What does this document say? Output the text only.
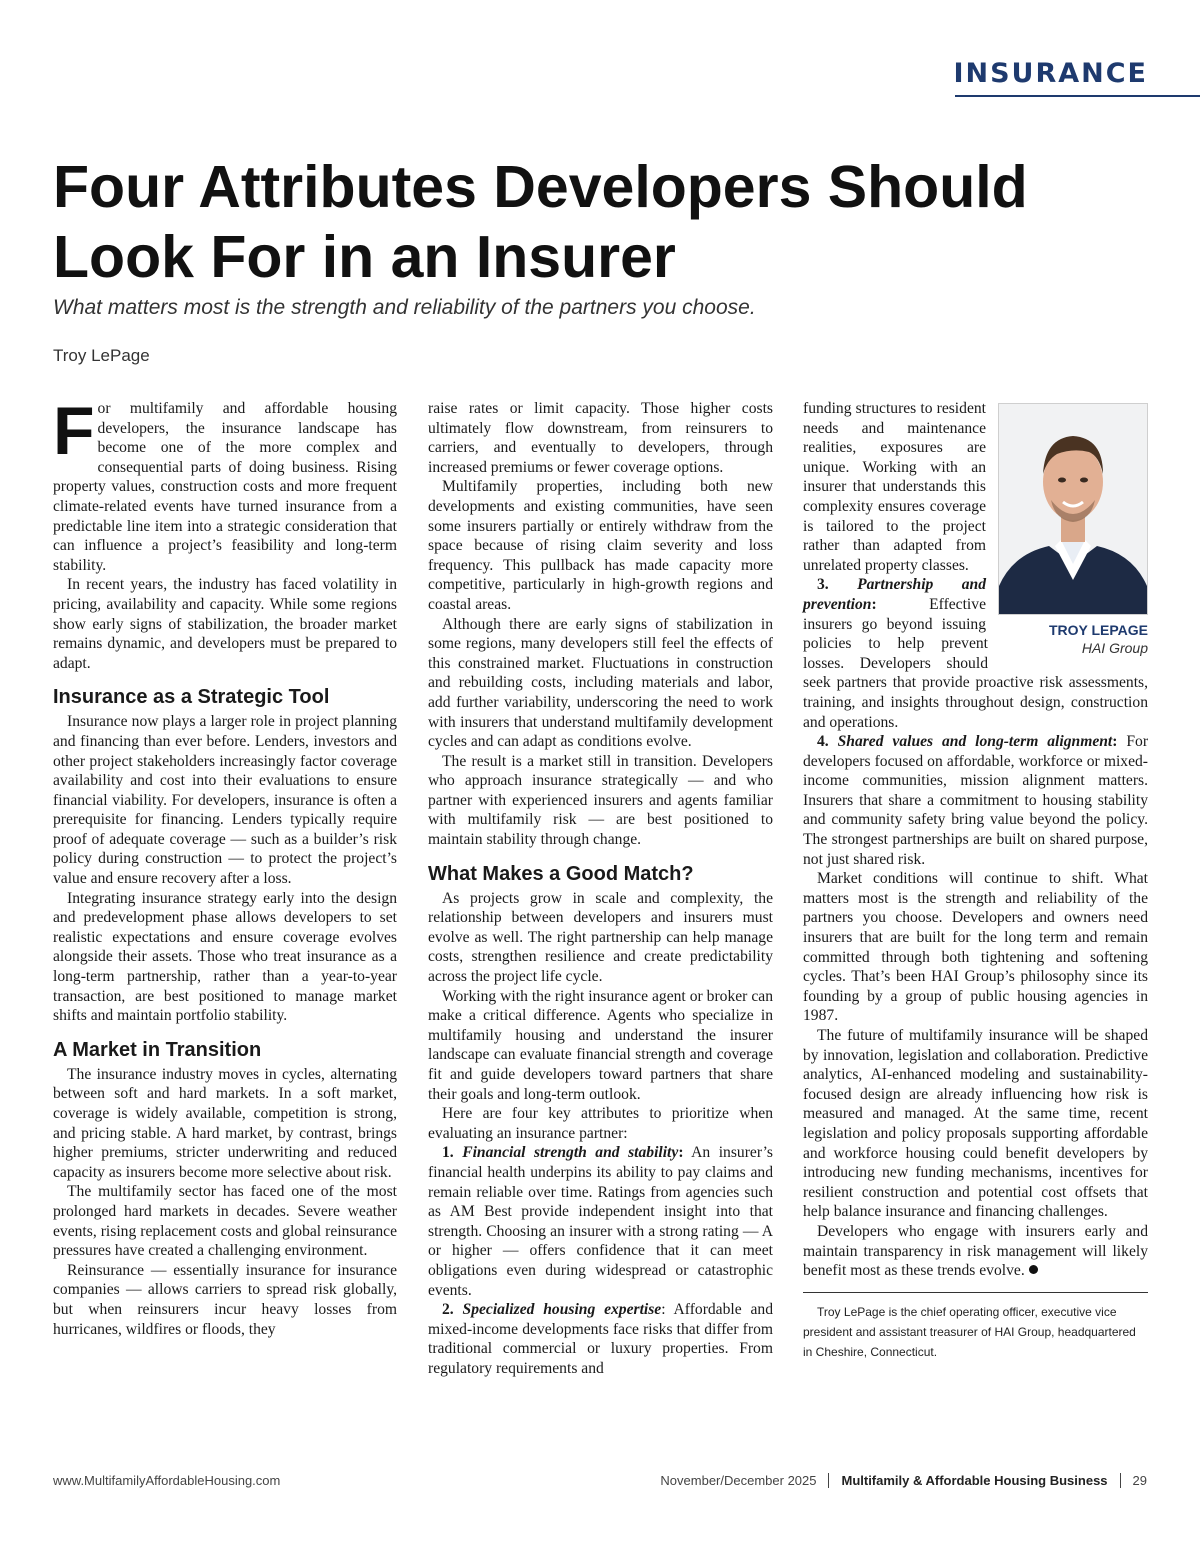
INSURANCE
Four Attributes Developers Should Look For in an Insurer

What matters most is the strength and reliability of the partners you choose.

Troy LePage

For multifamily and affordable housing developers, the insurance landscape has become one of the more complex and consequential parts of doing business. Rising property values, construction costs and more frequent climate-related events have turned insurance from a predictable line item into a strategic consideration that can influence a project’s feasibility and long-term stability.

In recent years, the industry has faced volatility in pricing, availability and capacity. While some regions show early signs of stabilization, the broader market remains dynamic, and developers must be prepared to adapt.

Insurance as a Strategic Tool

Insurance now plays a larger role in project planning and financing than ever before. Lenders, investors and other project stakeholders increasingly factor coverage availability and cost into their evaluations to ensure financial viability. For developers, insurance is often a prerequisite for financing. Lenders typically require proof of adequate coverage — such as a builder’s risk policy during construction — to protect the project’s value and ensure recovery after a loss.

Integrating insurance strategy early into the design and predevelopment phase allows developers to set realistic expectations and ensure coverage evolves alongside their assets. Those who treat insurance as a long-term partnership, rather than a year-to-year transaction, are best positioned to manage market shifts and maintain portfolio stability.

A Market in Transition

The insurance industry moves in cycles, alternating between soft and hard markets. In a soft market, coverage is widely available, competition is strong, and pricing stable. A hard market, by contrast, brings higher premiums, stricter underwriting and reduced capacity as insurers become more selective about risk.

The multifamily sector has faced one of the most prolonged hard markets in decades. Severe weather events, rising replacement costs and global reinsurance pressures have created a challenging environment.

Reinsurance — essentially insurance for insurance companies — allows carriers to spread risk globally, but when reinsurers incur heavy losses from hurricanes, wildfires or floods, they

raise rates or limit capacity. Those higher costs ultimately flow downstream, from reinsurers to carriers, and eventually to developers, through increased premiums or fewer coverage options.

Multifamily properties, including both new developments and existing communities, have seen some insurers partially or entirely withdraw from the space because of rising claim severity and loss frequency. This pullback has made capacity more competitive, particularly in high-growth regions and coastal areas.

Although there are early signs of stabilization in some regions, many developers still feel the effects of this constrained market. Fluctuations in construction and rebuilding costs, including materials and labor, add further variability, underscoring the need to work with insurers that understand multifamily development cycles and can adapt as conditions evolve.

The result is a market still in transition. Developers who approach insurance strategically — and who partner with experienced insurers and agents familiar with multifamily risk — are best positioned to maintain stability through change.

What Makes a Good Match?

As projects grow in scale and complexity, the relationship between developers and insurers must evolve as well. The right partnership can help manage costs, strengthen resilience and create predictability across the project life cycle.

Working with the right insurance agent or broker can make a critical difference. Agents who specialize in multifamily housing and understand the insurer landscape can evaluate financial strength and coverage fit and guide developers toward partners that share their goals and long-term outlook.

Here are four key attributes to prioritize when evaluating an insurance partner:

1. Financial strength and stability: An insurer’s financial health underpins its ability to pay claims and remain reliable over time. Ratings from agencies such as AM Best provide independent insight into that strength. Choosing an insurer with a strong rating — A or higher — offers confidence that it can meet obligations even during widespread or catastrophic events.

2. Specialized housing expertise: Affordable and mixed-income developments face risks that differ from traditional commercial or luxury properties. From regulatory requirements and

TROY LEPAGE
HAI Group

funding structures to resident needs and maintenance realities, exposures are unique. Working with an insurer that understands this complexity ensures coverage is tailored to the project rather than adapted from unrelated property classes.

3. Partnership and prevention: Effective insurers go beyond issuing policies to help prevent losses. Developers should seek partners that provide proactive risk assessments, training, and insights throughout design, construction and operations.

4. Shared values and long-term alignment: For developers focused on affordable, workforce or mixed-income communities, mission alignment matters. Insurers that share a commitment to housing stability and community safety bring value beyond the policy. The strongest partnerships are built on shared purpose, not just shared risk.

Market conditions will continue to shift. What matters most is the strength and reliability of the partners you choose. Developers and owners need insurers that are built for the long term and remain committed through both tightening and softening cycles. That’s been HAI Group’s philosophy since its founding by a group of public housing agencies in 1987.

The future of multifamily insurance will be shaped by innovation, legislation and collaboration. Predictive analytics, AI-enhanced modeling and sustainability-focused design are already influencing how risk is measured and managed. At the same time, recent legislation and policy proposals supporting affordable and workforce housing could benefit developers by introducing new funding mechanisms, incentives for resilient construction and potential cost offsets that help balance insurance and financing challenges.

Developers who engage with insurers early and maintain transparency in risk management will likely benefit most as these trends evolve.

Troy LePage is the chief operating officer, executive vice president and assistant treasurer of HAI Group, headquartered in Cheshire, Connecticut.

www.MultifamilyAffordableHousing.com	November/December 2025 Multifamily & Affordable Housing Business 29
